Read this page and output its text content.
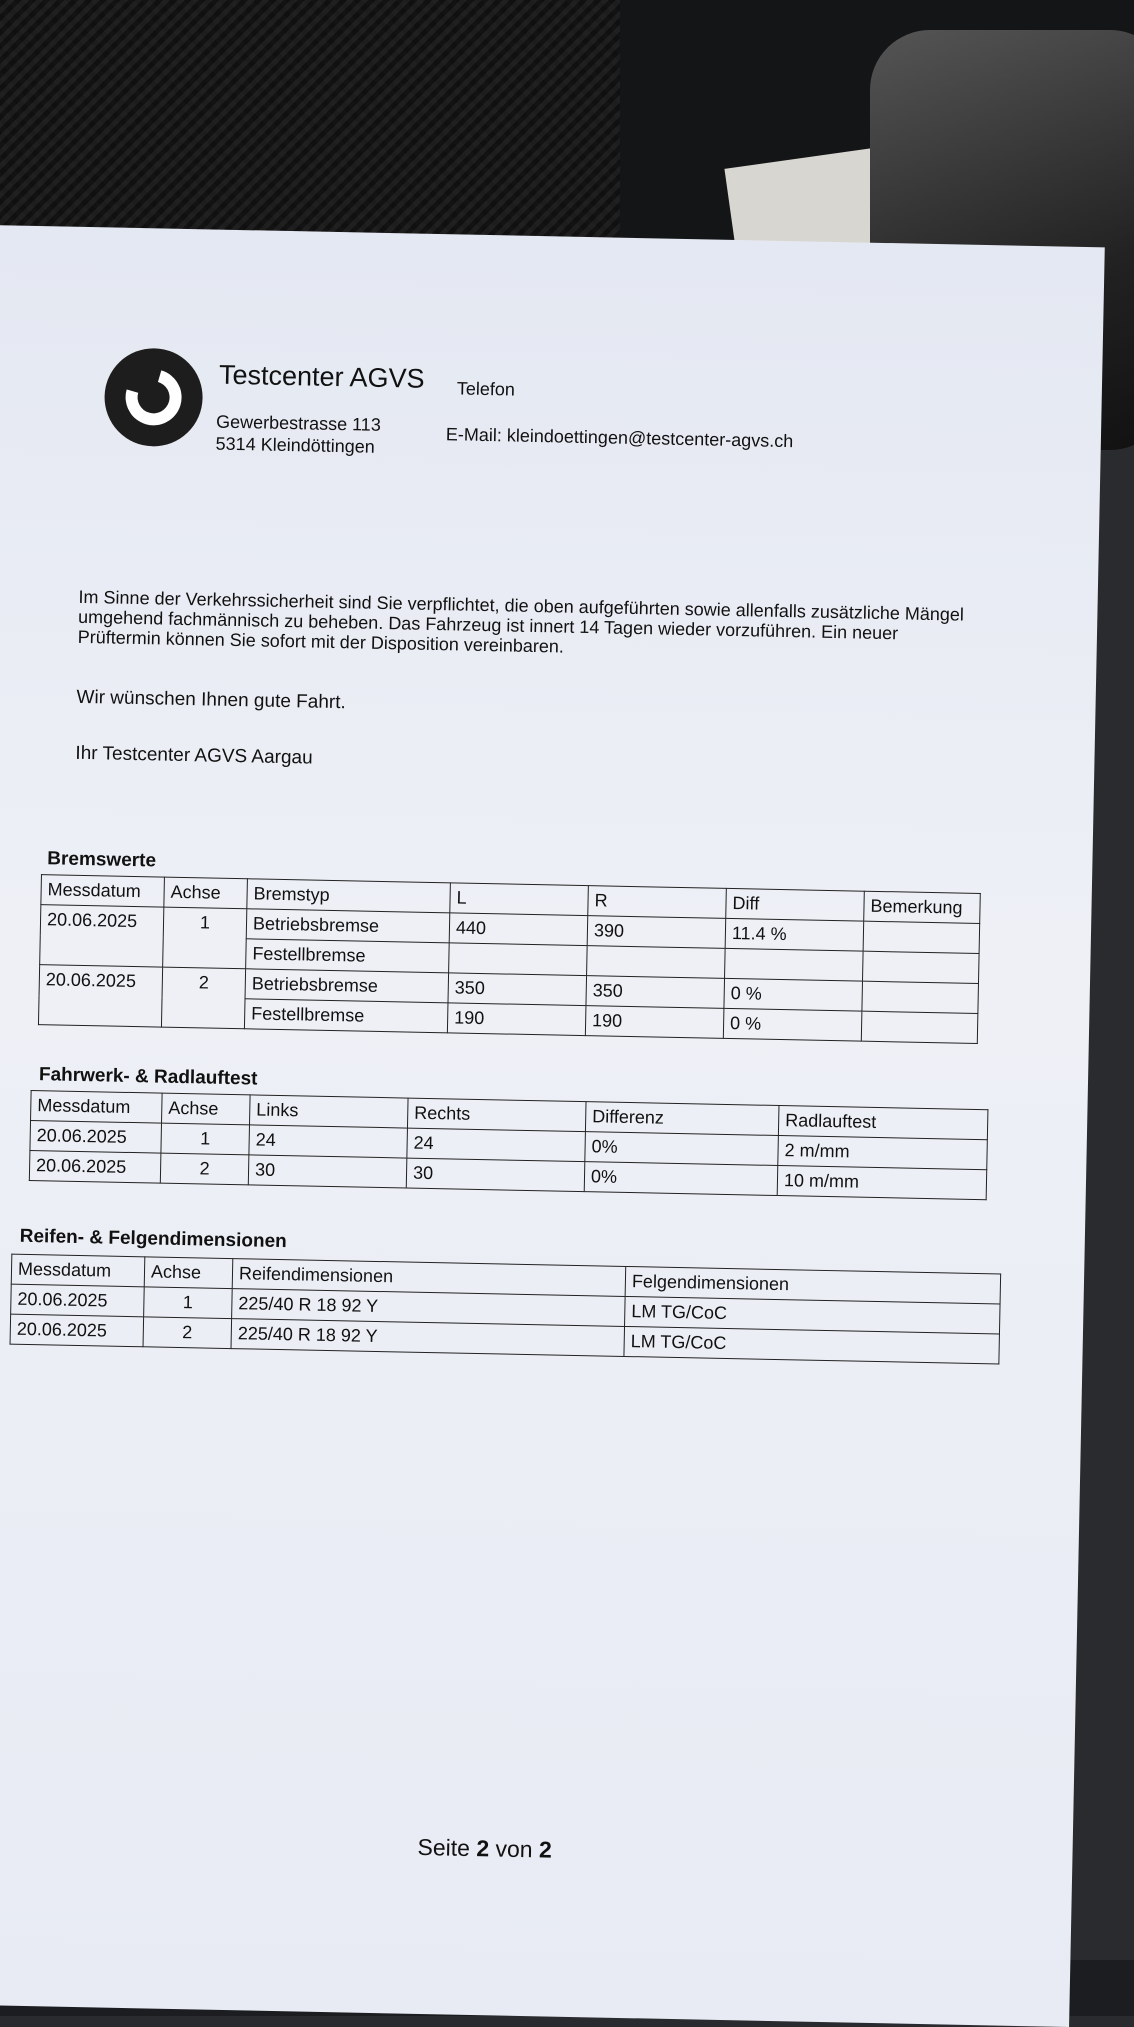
Testcenter AGVS
Gewerbestrasse 113
5314 Kleindöttingen
Telefon
E-Mail: kleindoettingen@testcenter-agvs.ch
Im Sinne der Verkehrssicherheit sind Sie verpflichtet, die oben aufgeführten sowie allenfalls zusätzliche Mängel umgehend fachmännisch zu beheben. Das Fahrzeug ist innert 14 Tagen wieder vorzuführen. Ein neuer Prüftermin können Sie sofort mit der Disposition vereinbaren.
Wir wünschen Ihnen gute Fahrt.
Ihr Testcenter AGVS Aargau
Bremswerte
Messdatum	Achse	Bremstyp	L	R	Diff	Bemerkung
20.06.2025	1	Betriebsbremse	440	390	11.4 %	
		Festellbremse				
20.06.2025	2	Betriebsbremse	350	350	0 %	
		Festellbremse	190	190	0 %	
Fahrwerk- & Radlauftest
Messdatum	Achse	Links	Rechts	Differenz	Radlauftest
20.06.2025	1	24	24	0%	2 m/mm
20.06.2025	2	30	30	0%	10 m/mm
Reifen- & Felgendimensionen
Messdatum	Achse	Reifendimensionen	Felgendimensionen
20.06.2025	1	225/40 R 18 92 Y	LM TG/CoC
20.06.2025	2	225/40 R 18 92 Y	LM TG/CoC
Seite 2 von 2
